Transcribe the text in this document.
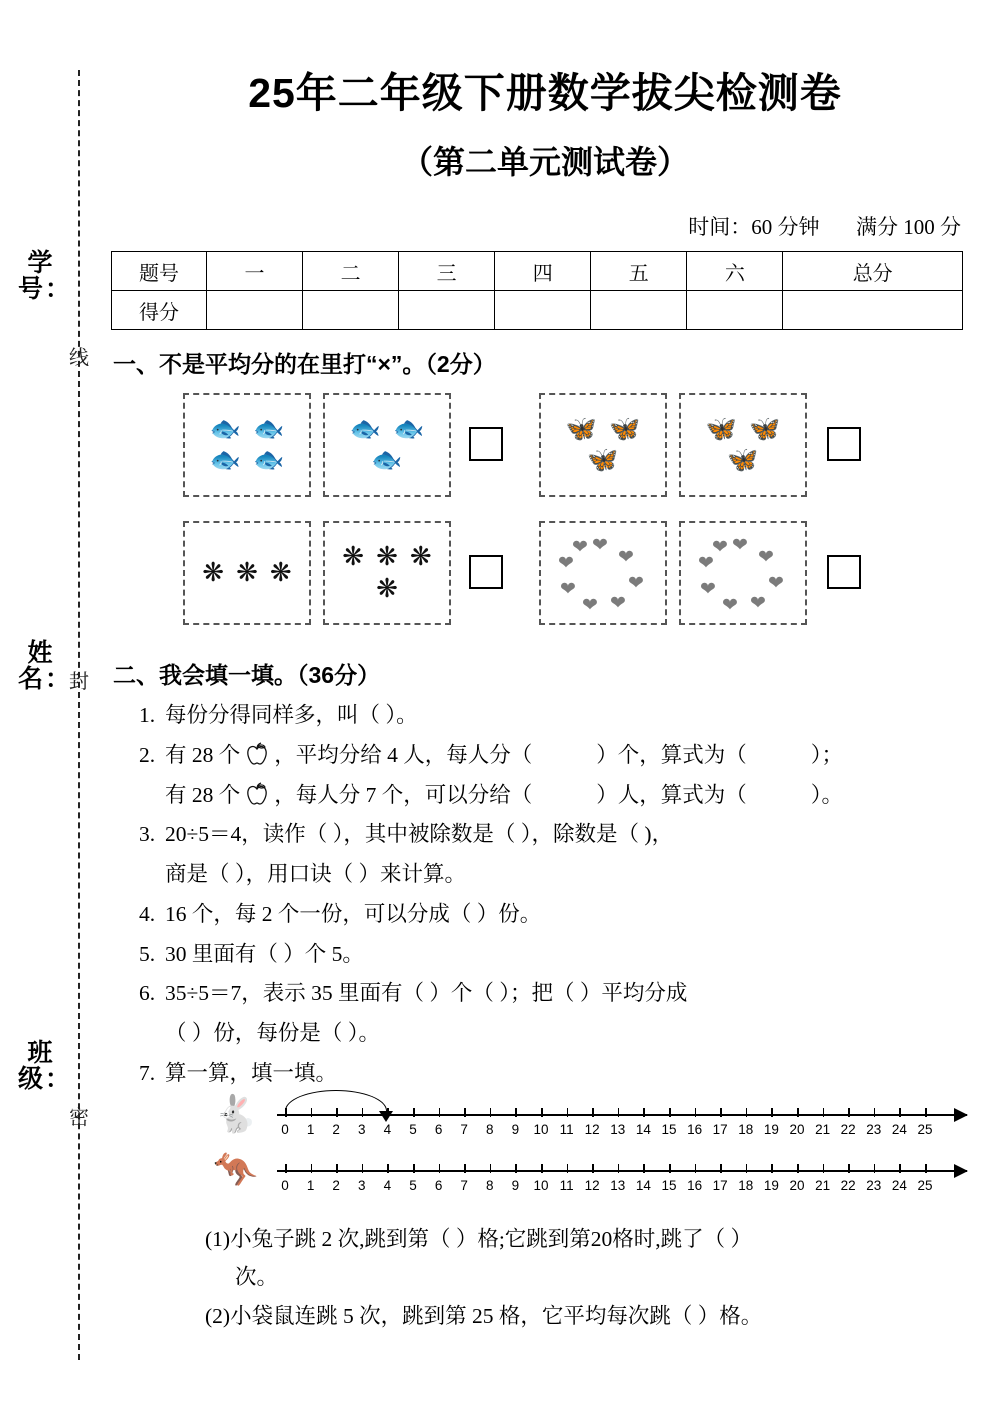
学号：
姓名：
班级：
线
封
密
25年二年级下册数学拔尖检测卷
（第二单元测试卷）
时间：60 分钟 满分 100 分
题号	一	二	三	四	五	六	总分
得分							
一、不是平均分的在里打“×”。（2分）
🐟 🐟
🐟 🐟
🐟 🐟
🐟
🦋 🦋
🦋
🦋 🦋
🦋
❋ ❋ ❋
❋ ❋ ❋
❋
❤
❤
❤
❤
❤
❤
❤
❤	❤
❤
❤
❤
❤
❤
❤
❤
二、我会填一填。（36分）
1. 每份分得同样多，叫（ ）。
2. 有 28 个 ，平均分给 4 人，每人分（	）个，算式为（	）；
有 28 个 ，每人分 7 个，可以分给（	）人，算式为（	）。
3. 20÷5＝4，读作（ ），其中被除数是（ ），除数是（ )，
商是（ ），用口诀（ ）来计算。
4. 16 个，每 2 个一份，可以分成（ ）份。
5. 30 里面有（ ）个 5。
6. 35÷5＝7，表示 35 里面有（ ）个（ ）；把（ ）平均分成
（ ）份，每份是（ ）。
7. 算一算，填一填。
🐇
🦘
0 1 2 3 4 5 6 7 8 9 10 11 12 13 14 15 16 17 18 19 20 21 22 23 24 25
0 1 2 3 4 5 6 7 8 9 10 11 12 13 14 15 16 17 18 19 20 21 22 23 24 25
(1)小兔子跳 2 次,跳到第（ ）格;它跳到第20格时,跳了（ ）
次。
(2)小袋鼠连跳 5 次，跳到第 25 格，它平均每次跳（ ）格。
